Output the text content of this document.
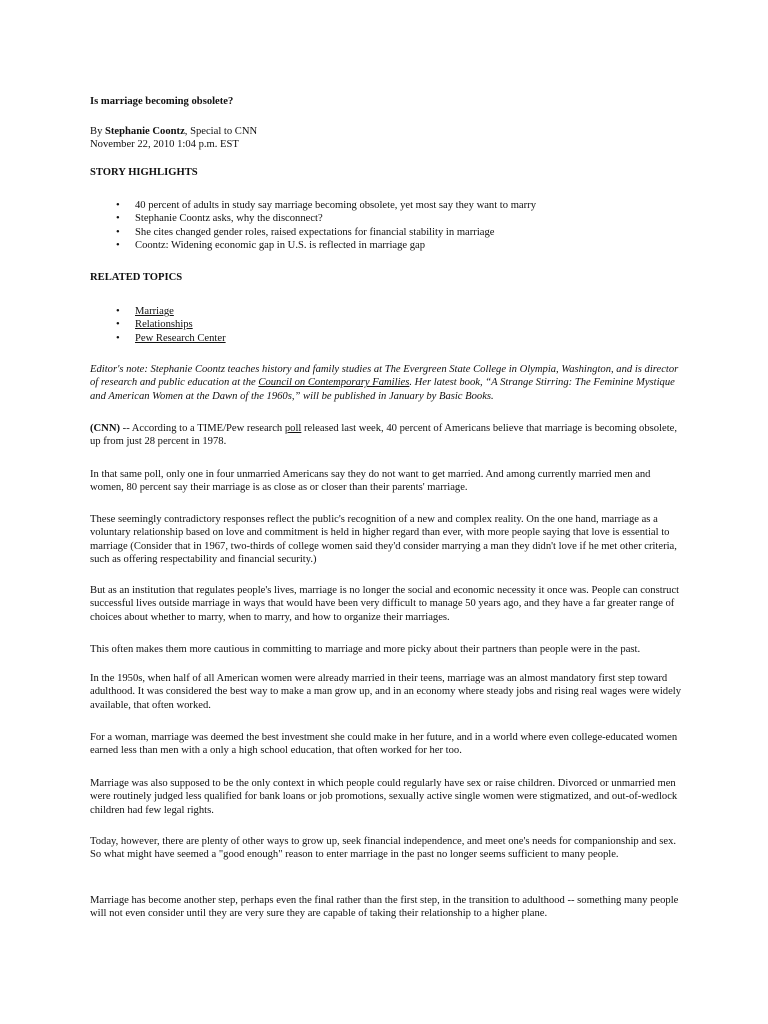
Is marriage becoming obsolete?

By Stephanie Coontz, Special to CNN
November 22, 2010 1:04 p.m. EST

STORY HIGHLIGHTS

• 40 percent of adults in study say marriage becoming obsolete, yet most say they want to marry
• Stephanie Coontz asks, why the disconnect?
• She cites changed gender roles, raised expectations for financial stability in marriage
• Coontz: Widening economic gap in U.S. is reflected in marriage gap

RELATED TOPICS

• Marriage
• Relationships
• Pew Research Center

Editor's note: Stephanie Coontz teaches history and family studies at The Evergreen State College in Olympia, Washington, and is director of research and public education at the Council on Contemporary Families. Her latest book, “A Strange Stirring: The Feminine Mystique and American Women at the Dawn of the 1960s,” will be published in January by Basic Books.

(CNN) -- According to a TIME/Pew research poll released last week, 40 percent of Americans believe that marriage is becoming obsolete, up from just 28 percent in 1978.

In that same poll, only one in four unmarried Americans say they do not want to get married. And among currently married men and women, 80 percent say their marriage is as close as or closer than their parents' marriage.

These seemingly contradictory responses reflect the public's recognition of a new and complex reality. On the one hand, marriage as a voluntary relationship based on love and commitment is held in higher regard than ever, with more people saying that love is essential to marriage (Consider that in 1967, two-thirds of college women said they'd consider marrying a man they didn't love if he met other criteria, such as offering respectability and financial security.)

But as an institution that regulates people's lives, marriage is no longer the social and economic necessity it once was. People can construct successful lives outside marriage in ways that would have been very difficult to manage 50 years ago, and they have a far greater range of choices about whether to marry, when to marry, and how to organize their marriages.

This often makes them more cautious in committing to marriage and more picky about their partners than people were in the past.

In the 1950s, when half of all American women were already married in their teens, marriage was an almost mandatory first step toward adulthood. It was considered the best way to make a man grow up, and in an economy where steady jobs and rising real wages were widely available, that often worked.

For a woman, marriage was deemed the best investment she could make in her future, and in a world where even college-educated women earned less than men with a only a high school education, that often worked for her too.

Marriage was also supposed to be the only context in which people could regularly have sex or raise children. Divorced or unmarried men were routinely judged less qualified for bank loans or job promotions, sexually active single women were stigmatized, and out-of-wedlock children had few legal rights.

Today, however, there are plenty of other ways to grow up, seek financial independence, and meet one's needs for companionship and sex. So what might have seemed a "good enough" reason to enter marriage in the past no longer seems sufficient to many people.

Marriage has become another step, perhaps even the final rather than the first step, in the transition to adulthood -- something many people will not even consider until they are very sure they are capable of taking their relationship to a higher plane.
